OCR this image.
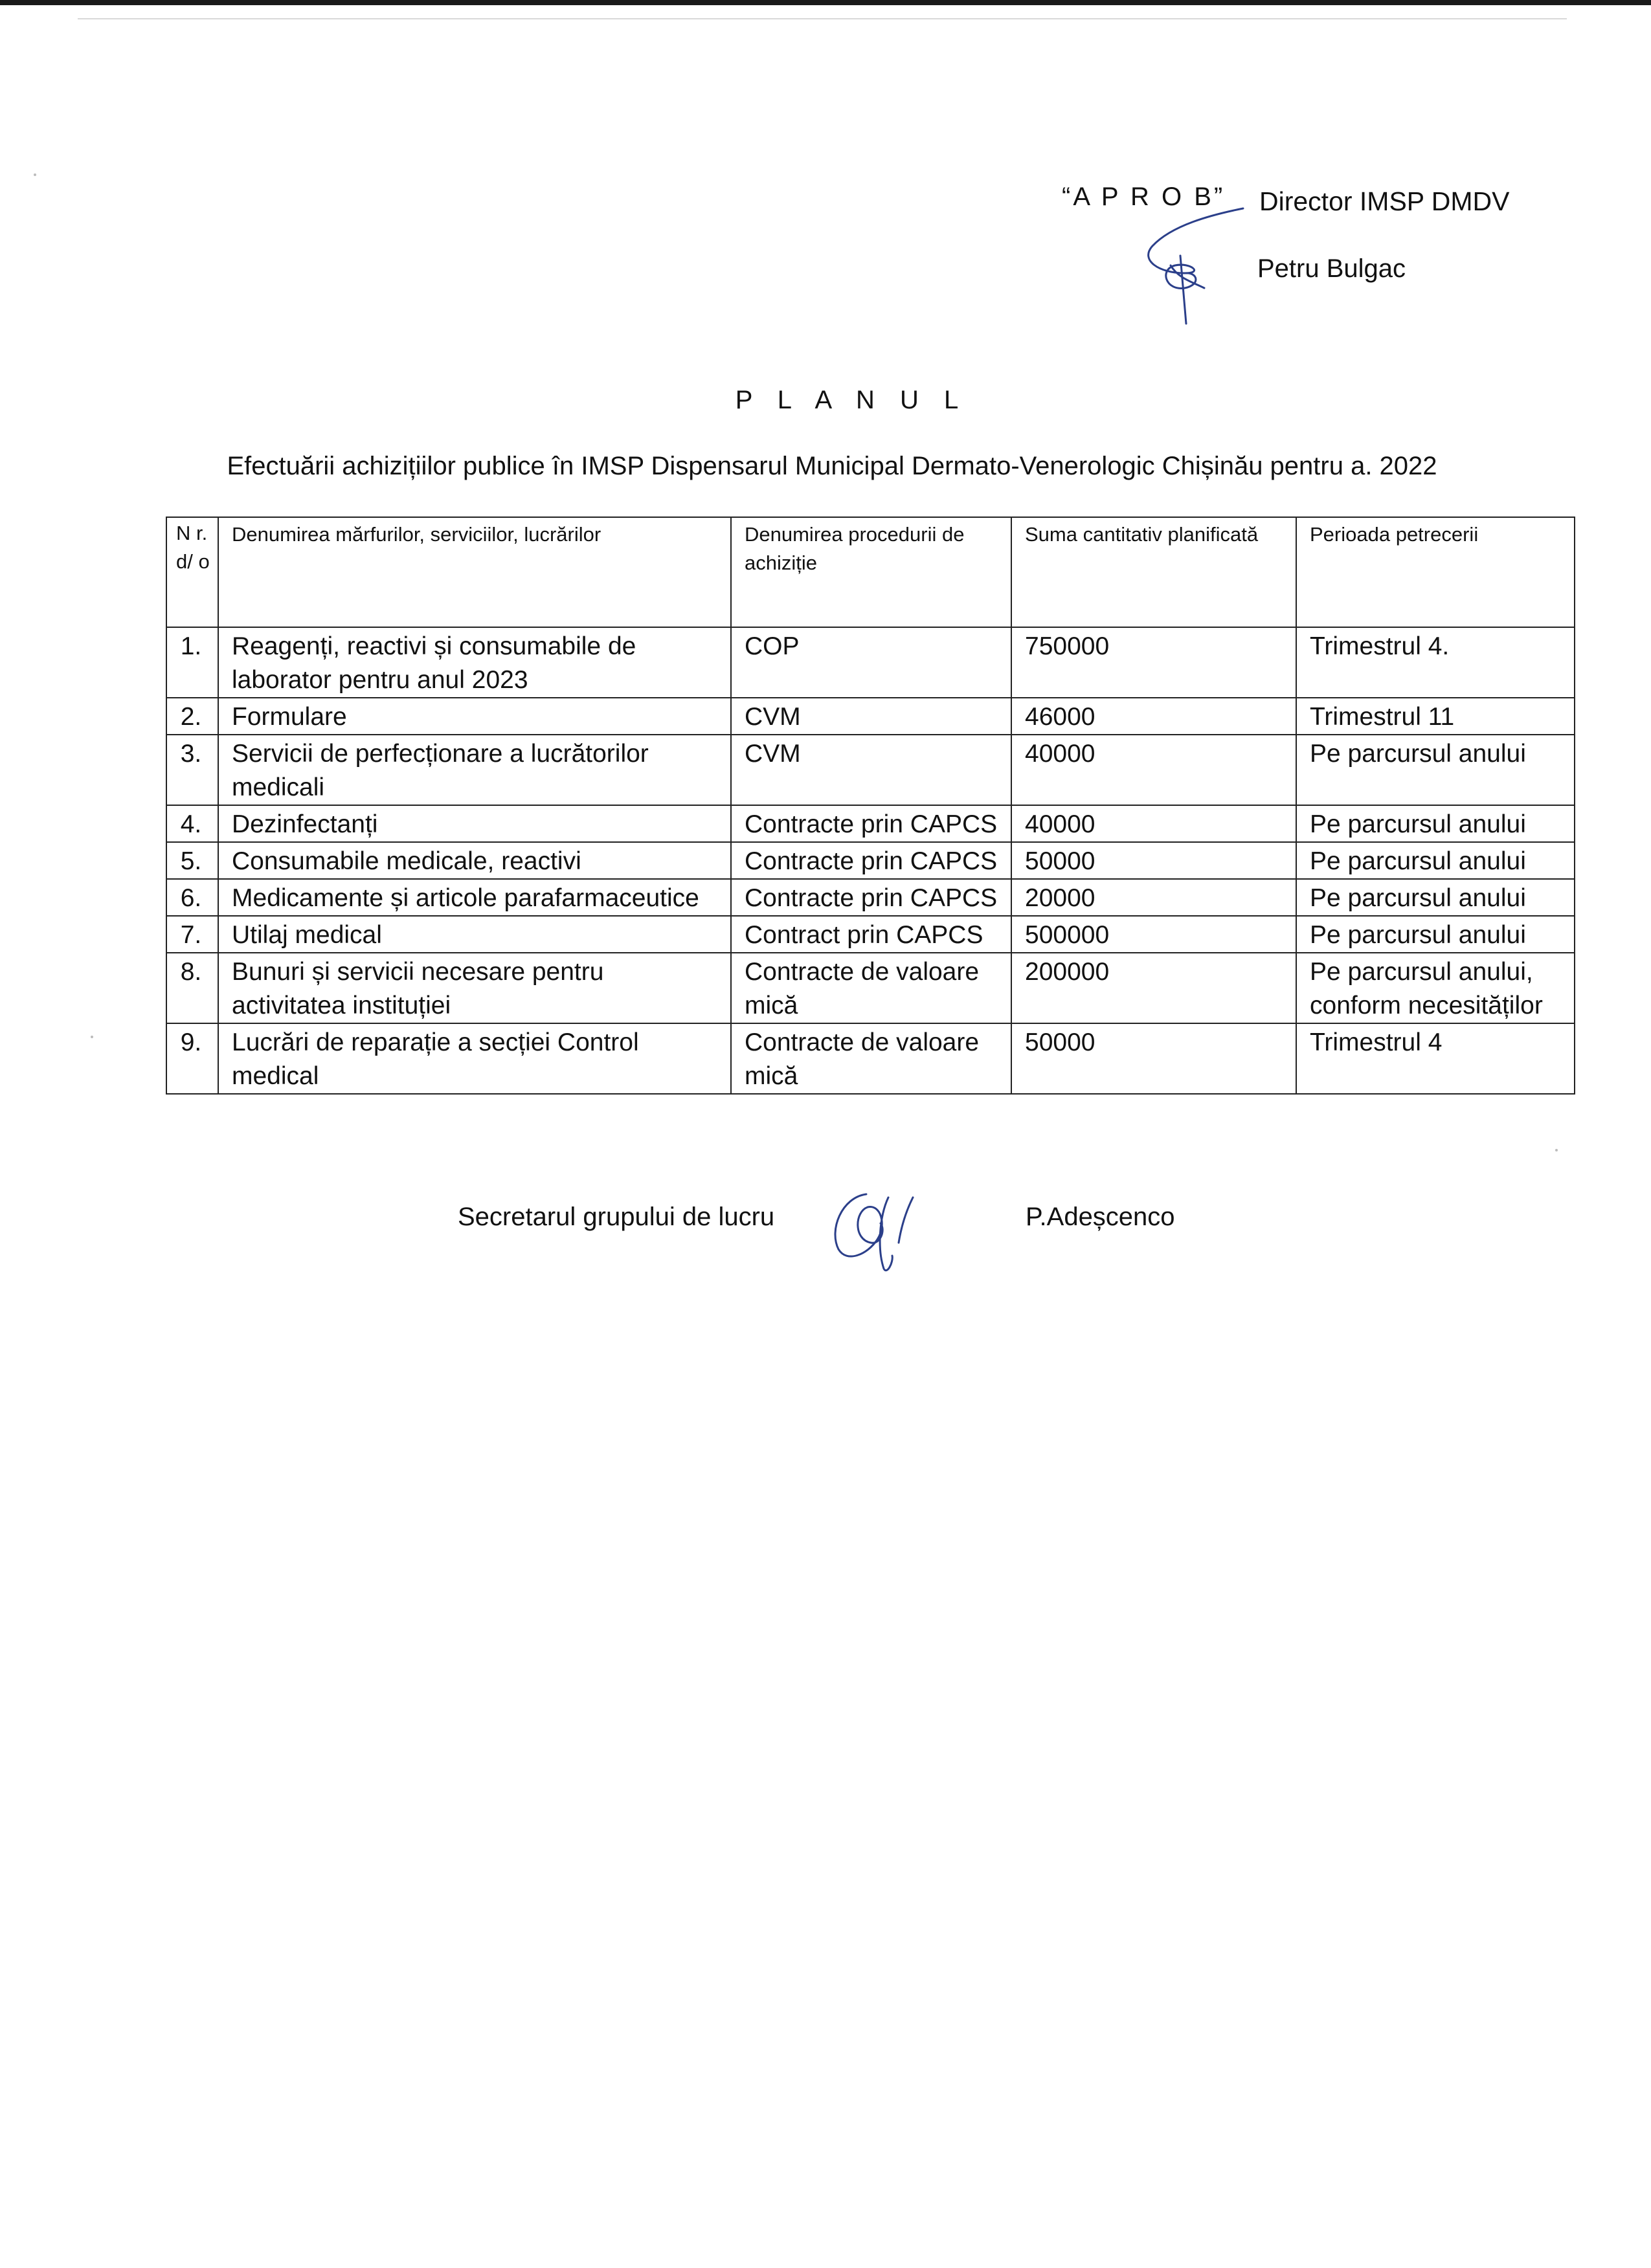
“A P R O B” Director IMSP DMDV
Petru Bulgac
P L A N U L
Efectuării achizițiilor publice în IMSP Dispensarul Municipal Dermato-Venerologic Chișinău pentru a. 2022
N r. d/ o	Denumirea mărfurilor, serviciilor, lucrărilor	Denumirea procedurii de achiziție	Suma cantitativ planificată	Perioada petrecerii
1.	Reagenți, reactivi și consumabile de laborator pentru anul 2023	COP	750000	Trimestrul 4.
2.	Formulare	CVM	46000	Trimestrul 11
3.	Servicii de perfecționare a lucrătorilor medicali	CVM	40000	Pe parcursul anului
4.	Dezinfectanți	Contracte prin CAPCS	40000	Pe parcursul anului
5.	Consumabile medicale, reactivi	Contracte prin CAPCS	50000	Pe parcursul anului
6.	Medicamente și articole parafarmaceutice	Contracte prin CAPCS	20000	Pe parcursul anului
7.	Utilaj medical	Contract prin CAPCS	500000	Pe parcursul anului
8.	Bunuri și servicii necesare pentru activitatea instituției	Contracte de valoare mică	200000	Pe parcursul anului, conform necesităților
9.	Lucrări de reparație a secției Control medical	Contracte de valoare mică	50000	Trimestrul 4
Secretarul grupului de lucru	P.Adeșcenco
